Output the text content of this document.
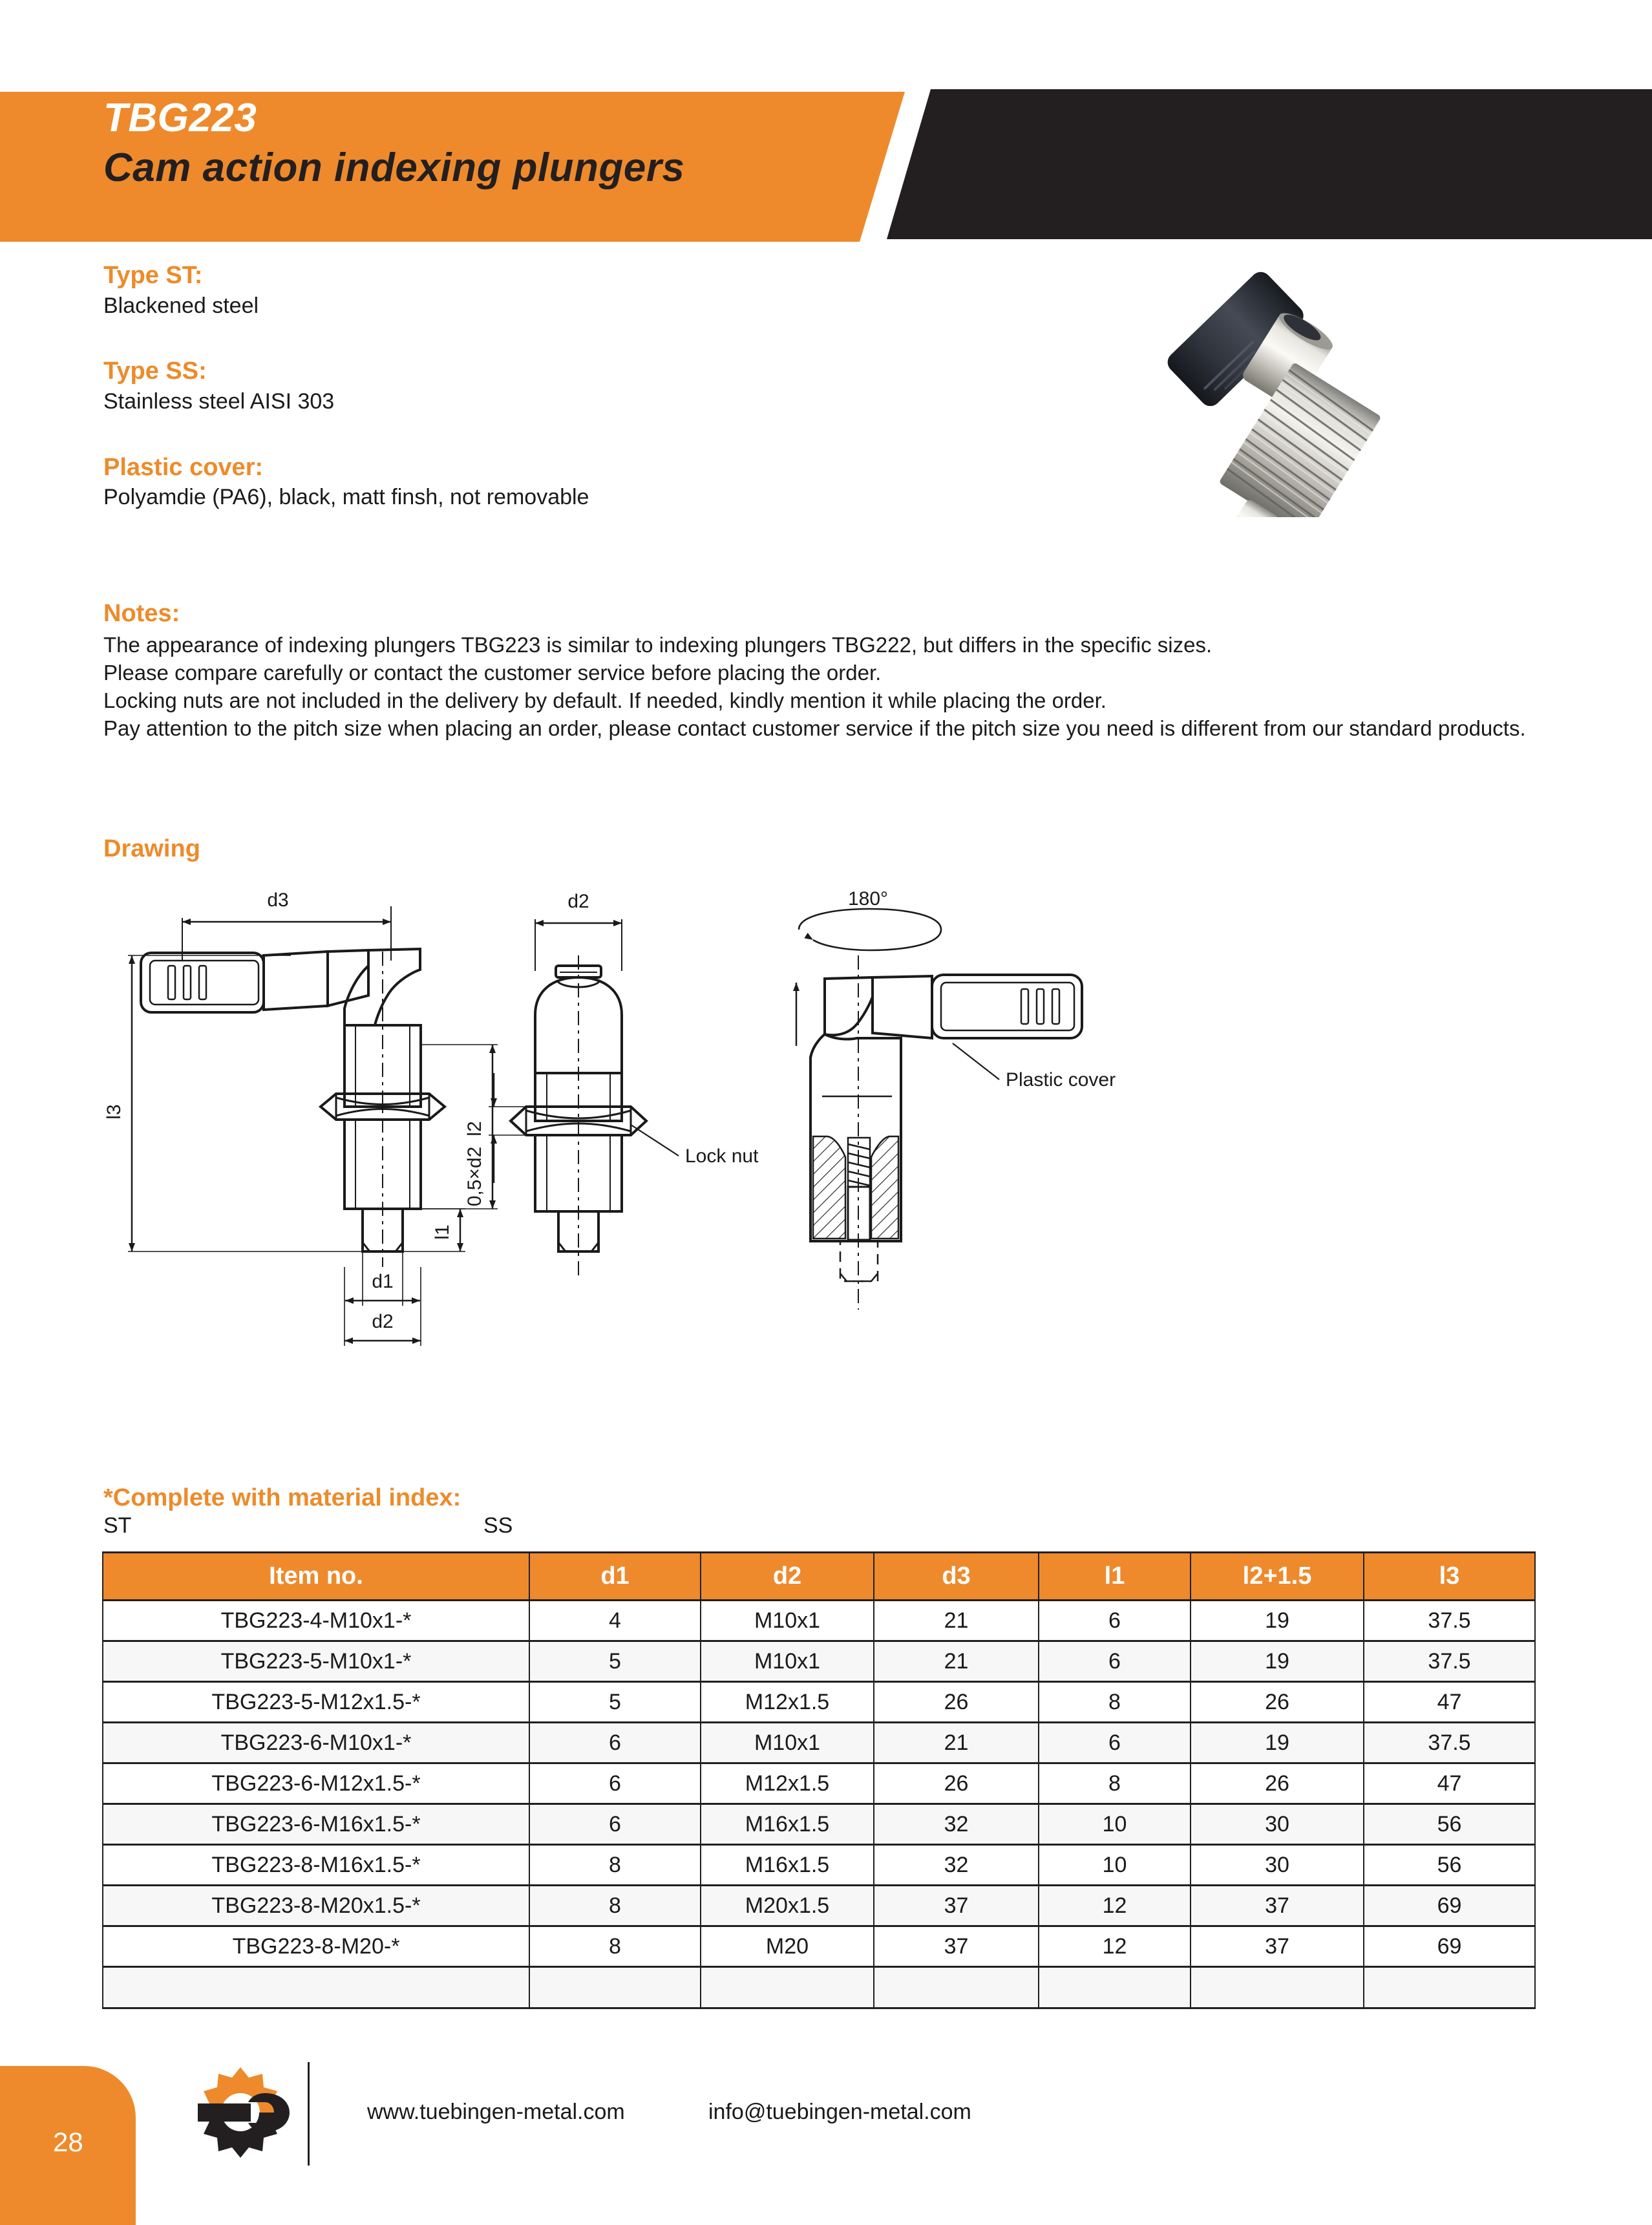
TBG223
Cam action indexing plungers

Type ST:

Blackened steel

Type SS:

Stainless steel AISI 303

Plastic cover:

Polyamdie (PA6), black, matt finsh, not removable

Notes:

The appearance of indexing plungers TBG223 is similar to indexing plungers TBG222, but differs in the specific sizes.

Please compare carefully or contact the customer service before placing the order.

Locking nuts are not included in the delivery by default. If needed, kindly mention it while placing the order.

Pay attention to the pitch size when placing an order, please contact customer service if the pitch size you need is different from our standard products.

Drawing
d3
l3
l2
l1
d1
d2
d2
0,5×d2	Lock nut
180°
Plastic cover

*Complete with material index:

ST	SS
Item no.	d1	d2	d3	l1	l2+1.5	l3
TBG223-4-M10x1-*	4	M10x1	21	6	19	37.5
TBG223-5-M10x1-*	5	M10x1	21	6	19	37.5
TBG223-5-M12x1.5-*	5	M12x1.5	26	8	26	47
TBG223-6-M10x1-*	6	M10x1	21	6	19	37.5
TBG223-6-M12x1.5-*	6	M12x1.5	26	8	26	47
TBG223-6-M16x1.5-*	6	M16x1.5	32	10	30	56
TBG223-8-M16x1.5-*	8	M16x1.5	32	10	30	56
TBG223-8-M20x1.5-*	8	M20x1.5	37	12	37	69
TBG223-8-M20-*	8	M20	37	12	37	69

28
www.tuebingen-metal.com	info@tuebingen-metal.com
